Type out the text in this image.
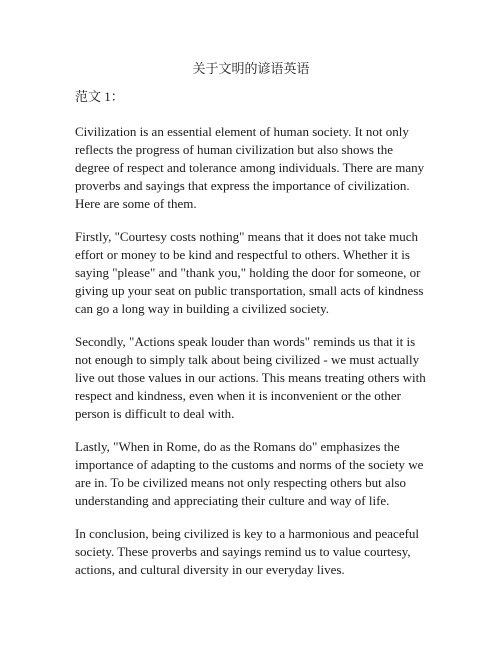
关于文明的谚语英语
范文 1：

Civilization is an essential element of human society. It not only reflects the progress of human civilization but also shows the degree of respect and tolerance among individuals. There are many proverbs and sayings that express the importance of civilization. Here are some of them.

Firstly, "Courtesy costs nothing" means that it does not take much effort or money to be kind and respectful to others. Whether it is saying "please" and "thank you," holding the door for someone, or giving up your seat on public transportation, small acts of kindness can go a long way in building a civilized society.

Secondly, "Actions speak louder than words" reminds us that it is not enough to simply talk about being civilized - we must actually live out those values in our actions. This means treating others with respect and kindness, even when it is inconvenient or the other person is difficult to deal with.

Lastly, "When in Rome, do as the Romans do" emphasizes the importance of adapting to the customs and norms of the society we are in. To be civilized means not only respecting others but also understanding and appreciating their culture and way of life.

In conclusion, being civilized is key to a harmonious and peaceful society. These proverbs and sayings remind us to value courtesy, actions, and cultural diversity in our everyday lives.
